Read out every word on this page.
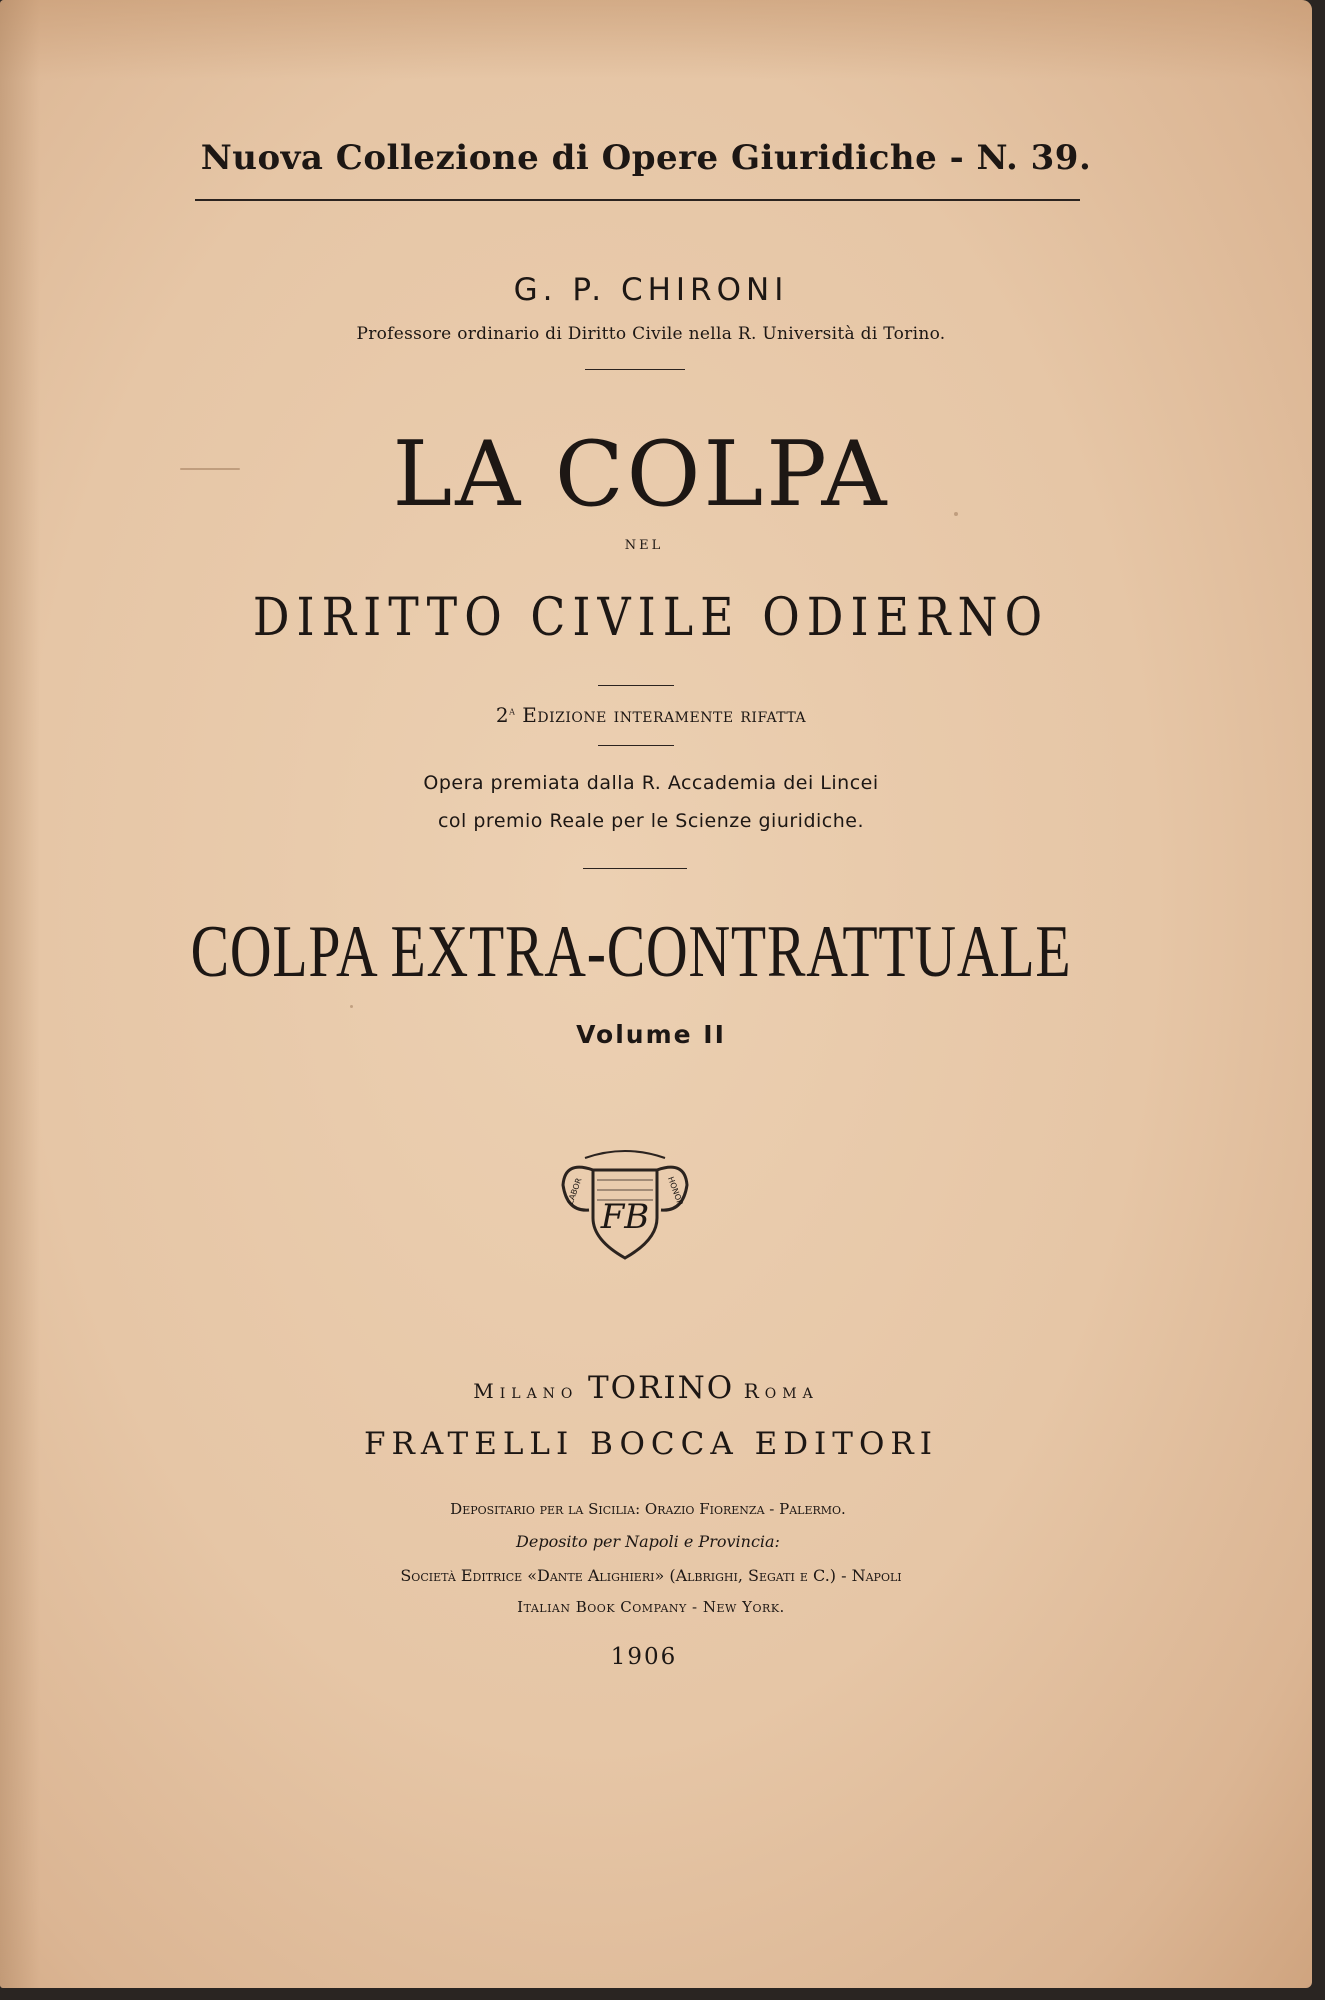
Nuova Collezione di Opere Giuridiche - N. 39.
G. P. CHIRONI
Professore ordinario di Diritto Civile nella R. Università di Torino.
LA COLPA
NEL
DIRITTO CIVILE ODIERNO
2$^a$ Edizione interamente rifatta
Opera premiata dalla R. Accademia dei Lincei
col premio Reale per le Scienze giuridiche.
COLPA EXTRA-CONTRATTUALE
Volume II
FB
LABOR	HONOR
Milano TORINO Roma
FRATELLI BOCCA EDITORI
Depositario per la Sicilia: Orazio Fiorenza - Palermo.
Deposito per Napoli e Provincia:
Società Editrice «Dante Alighieri» (Albrighi, Segati e C.) - Napoli
Italian Book Company - New York.
1906
